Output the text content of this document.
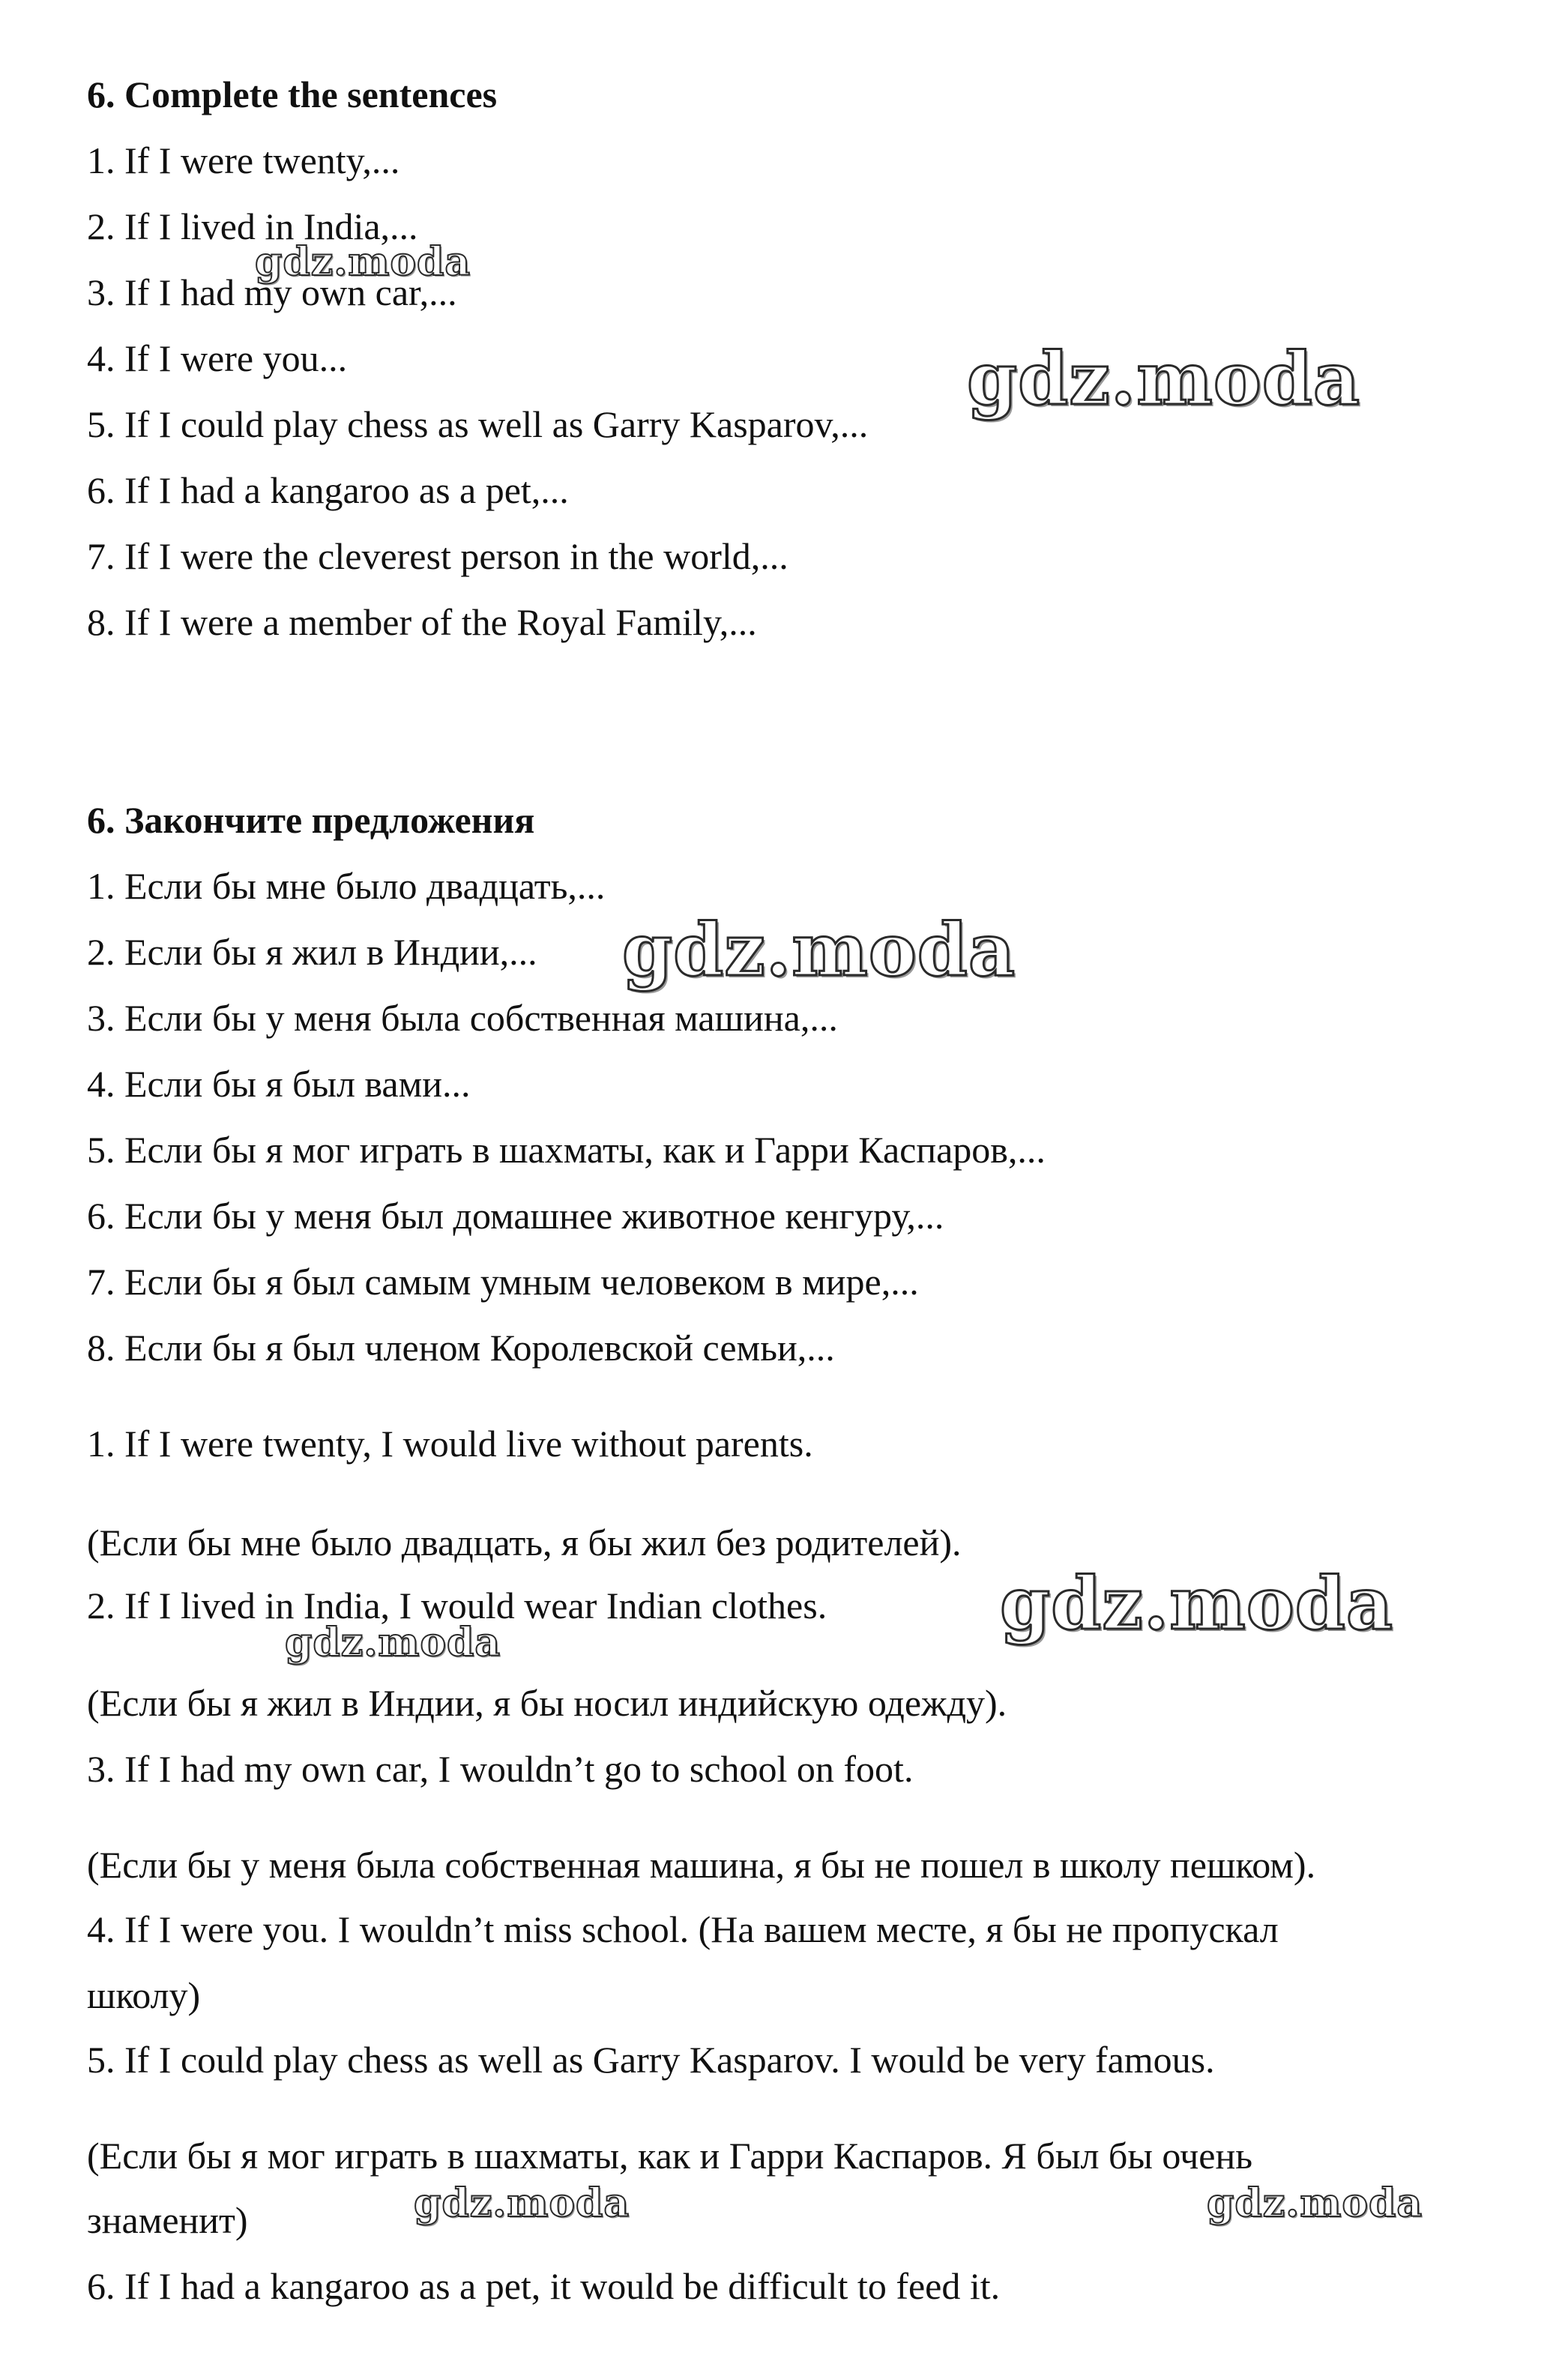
6. Complete the sentences
1. If I were twenty,...
2. If I lived in India,...
3. If I had my own car,...
4. If I were you...
5. If I could play chess as well as Garry Kasparov,...
6. If I had a kangaroo as a pet,...
7. If I were the cleverest person in the world,...
8. If I were a member of the Royal Family,...
6. Закончите предложения
1. Если бы мне было двадцать,...
2. Если бы я жил в Индии,...
3. Если бы у меня была собственная машина,...
4. Если бы я был вами...
5. Если бы я мог играть в шахматы, как и Гарри Каспаров,...
6. Если бы у меня был домашнее животное кенгуру,...
7. Если бы я был самым умным человеком в мире,...
8. Если бы я был членом Королевской семьи,...
1. If I were twenty, I would live without parents.
(Если бы мне было двадцать, я бы жил без родителей).
2. If I lived in India, I would wear Indian clothes.
(Если бы я жил в Индии, я бы носил индийскую одежду).
3. If I had my own car, I wouldn’t go to school on foot.
(Если бы у меня была собственная машина, я бы не пошел в школу пешком).
4. If I were you. I wouldn’t miss school. (На вашем месте, я бы не пропускал
школу)
5. If I could play chess as well as Garry Kasparov. I would be very famous.
(Если бы я мог играть в шахматы, как и Гарри Каспаров. Я был бы очень
знаменит)
6. If I had a kangaroo as a pet, it would be difficult to feed it.
gdz.moda
gdz.moda
gdz.moda
gdz.moda
gdz.moda
gdz.moda	gdz.moda
